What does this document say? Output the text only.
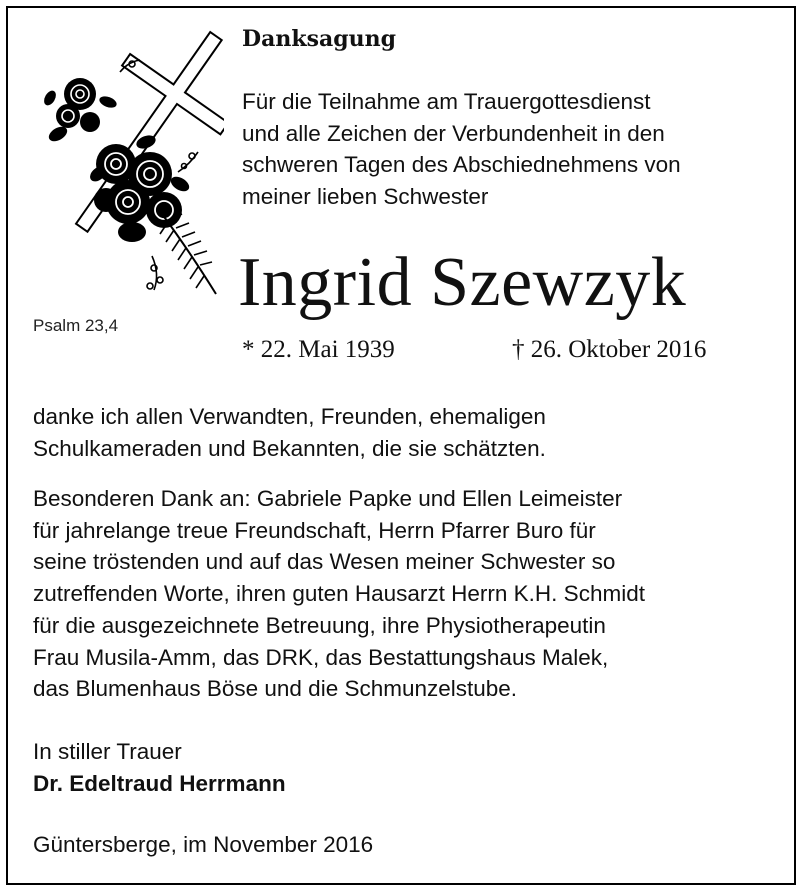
Psalm 23,4
Danksagung
Für die Teilnahme am Trauergottesdienst
und alle Zeichen der Verbundenheit in den
schweren Tagen des Abschiednehmens von
meiner lieben Schwester
Ingrid Szewzyk
* 22. Mai 1939	† 26. Oktober 2016
danke ich allen Verwandten, Freunden, ehemaligen
Schulkameraden und Bekannten, die sie schätzten.
Besonderen Dank an: Gabriele Papke und Ellen Leimeister
für jahrelange treue Freundschaft, Herrn Pfarrer Buro für
seine tröstenden und auf das Wesen meiner Schwester so
zutreffenden Worte, ihren guten Hausarzt Herrn K.H. Schmidt
für die ausgezeichnete Betreuung, ihre Physiotherapeutin
Frau Musila-Amm, das DRK, das Bestattungshaus Malek,
das Blumenhaus Böse und die Schmunzelstube.
In stiller Trauer
Dr. Edeltraud Herrmann
Güntersberge, im November 2016
